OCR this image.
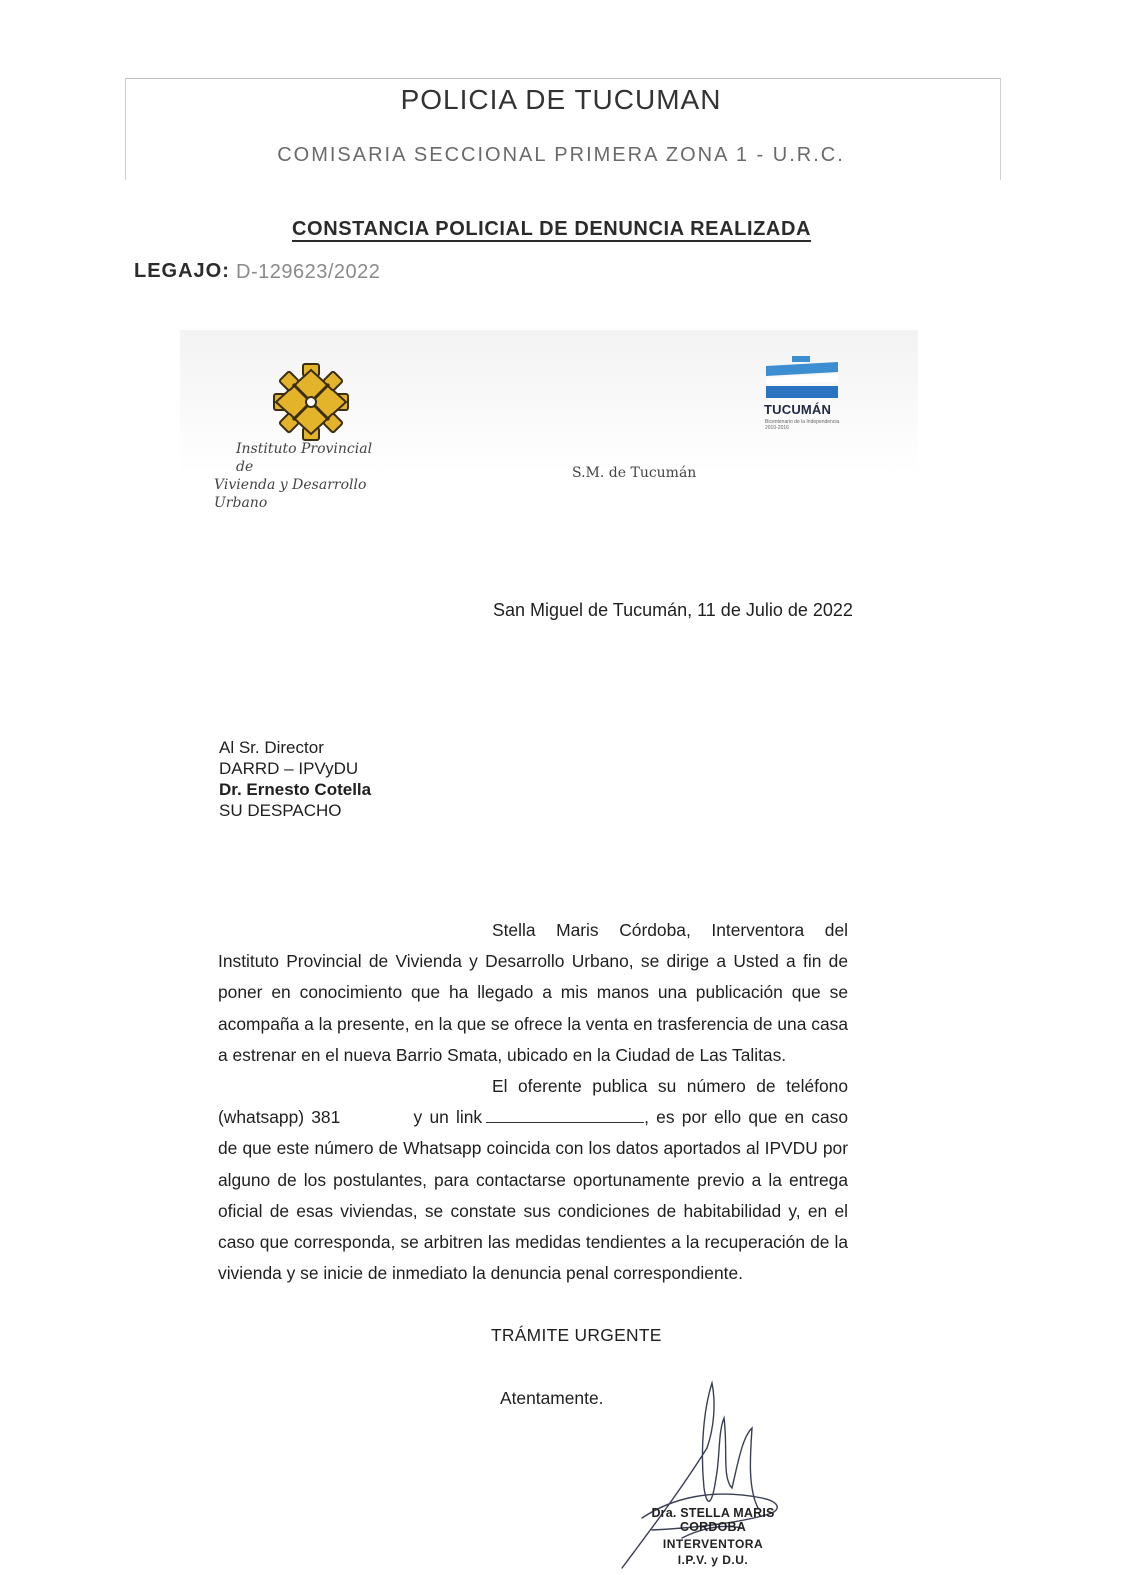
POLICIA DE TUCUMAN
COMISARIA SECCIONAL PRIMERA ZONA 1 - U.R.C.
CONSTANCIA POLICIAL DE DENUNCIA REALIZADA
LEGAJO: D-129623/2022
Instituto Provincial de
Vivienda y Desarrollo Urbano
TUCUMÁN
Bicentenario de la Independencia 2010-2016
S.M. de Tucumán
San Miguel de Tucumán, 11 de Julio de 2022
Al Sr. Director
DARRD – IPVyDU
Dr. Ernesto Cotella
SU DESPACHO
Stella Maris Córdoba, Interventora del Instituto Provincial de Vivienda y Desarrollo Urbano, se dirige a Usted a fin de poner en conocimiento que ha llegado a mis manos una publicación que se acompaña a la presente, en la que se ofrece la venta en trasferencia de una casa a estrenar en el nueva Barrio Smata, ubicado en la Ciudad de Las Talitas.
El oferente publica su número de teléfono (whatsapp) 381	y un link	, es por ello que en caso de que este número de Whatsapp coincida con los datos aportados al IPVDU por alguno de los postulantes, para contactarse oportunamente previo a la entrega oficial de esas viviendas, se constate sus condiciones de habitabilidad y, en el caso que corresponda, se arbitren las medidas tendientes a la recuperación de la vivienda y se inicie de inmediato la denuncia penal correspondiente.
TRÁMITE URGENTE
Atentamente.
Dra. STELLA MARIS CORDOBA
INTERVENTORA
I.P.V. y D.U.
